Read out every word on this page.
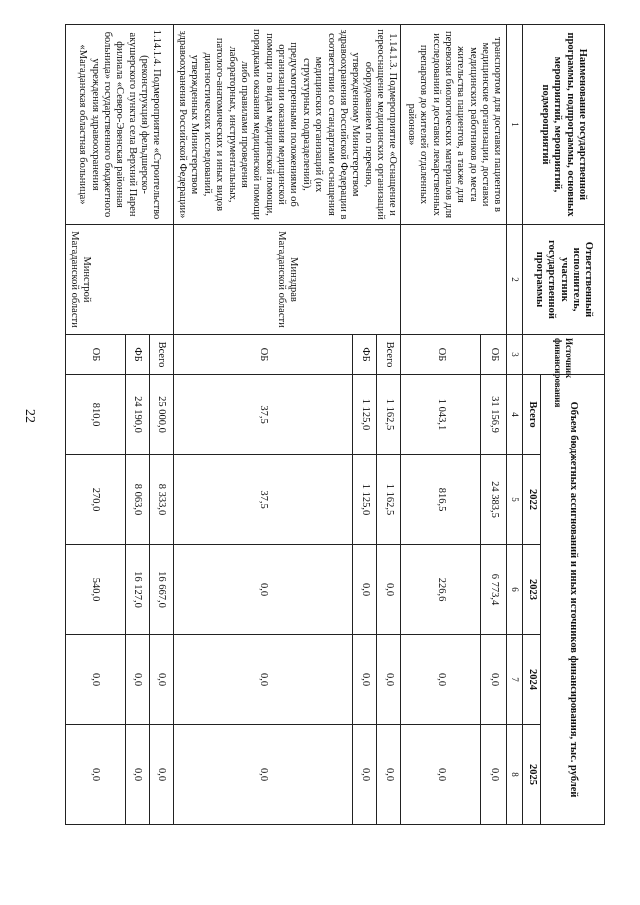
22
Наименование государственной программы, подпрограммы, основных мероприятий, мероприятий, подмероприятий	Ответственный исполнитель, участник государственной программы	Источник финансирования	Объем бюджетных ассигнований и иных источников финансирования, тыс. рублей				
			Всего	2022	2023	2024	2025
1	2	3	4	5	6	7	8
транспортом для доставки пациентов в медицинские организации, доставки медицинских работников до места жительства пациентов, а также для перевозки биологических материалов для исследований и доставки лекарственных препаратов до жителей отдаленных районов»		ОБ	31 156,9	24 383,5	6 773,4	0,0	0,0
		ОБ	1 043,1	816,5	226,6	0,0	0,0
1.14.1.3. Подмероприятие «Оснащение и переоснащение медицинских организаций оборудованием по перечню, утвержденному Министерством здравоохранения Российской Федерации в соответствии со стандартами оснащения медицинских организаций (их структурных подразделений), предусмотренными положениями об организации оказания медицинской помощи по видам медицинской помощи, порядками оказания медицинской помощи либо правилами проведения лабораторных, инструментальных, патолого-анатомических и иных видов диагностических исследований, утвержденных Министерством здравоохранения Российской Федерации»	Минздрав Магаданской области	Всего	1 162,5	1 162,5	0,0	0,0	0,0
		ФБ	1 125,0	1 125,0	0,0	0,0	0,0
		ОБ	37,5	37,5	0,0	0,0	0,0
1.14.1.4. Подмероприятие «Строительство (реконструкция) фельдшерско-акушерского пункта села Верхний Парен филиала «Северо-Эвенская районная больница» государственного бюджетного учреждения здравоохранения «Магаданская областная больница»	Минстрой Магаданской области	Всего	25 000,0	8 333,0	16 667,0	0,0	0,0
		ФБ	24 190,0	8 063,0	16 127,0	0,0	0,0
		ОБ	810,0	270,0	540,0	0,0	0,0
